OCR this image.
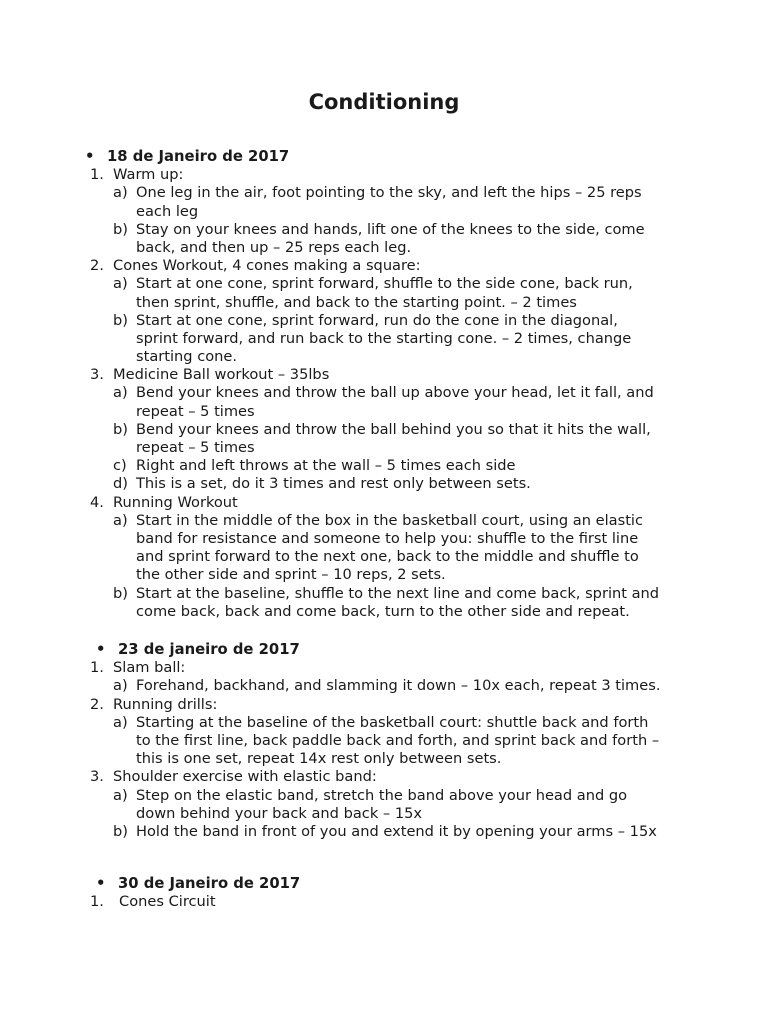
Conditioning
• 18 de Janeiro de 2017
1. Warm up:
a) One leg in the air, foot pointing to the sky, and left the hips – 25 reps
each leg
b) Stay on your knees and hands, lift one of the knees to the side, come
back, and then up – 25 reps each leg.
2. Cones Workout, 4 cones making a square:
a) Start at one cone, sprint forward, shuffle to the side cone, back run,
then sprint, shuffle, and back to the starting point. – 2 times
b) Start at one cone, sprint forward, run do the cone in the diagonal,
sprint forward, and run back to the starting cone. – 2 times, change
starting cone.
3. Medicine Ball workout – 35lbs
a) Bend your knees and throw the ball up above your head, let it fall, and
repeat – 5 times
b) Bend your knees and throw the ball behind you so that it hits the wall,
repeat – 5 times
c) Right and left throws at the wall – 5 times each side
d) This is a set, do it 3 times and rest only between sets.
4. Running Workout
a) Start in the middle of the box in the basketball court, using an elastic
band for resistance and someone to help you: shuffle to the first line
and sprint forward to the next one, back to the middle and shuffle to
the other side and sprint – 10 reps, 2 sets.
b) Start at the baseline, shuffle to the next line and come back, sprint and
come back, back and come back, turn to the other side and repeat.
• 23 de janeiro de 2017
1. Slam ball:
a) Forehand, backhand, and slamming it down – 10x each, repeat 3 times.
2. Running drills:
a) Starting at the baseline of the basketball court: shuttle back and forth
to the first line, back paddle back and forth, and sprint back and forth –
this is one set, repeat 14x rest only between sets.
3. Shoulder exercise with elastic band:
a) Step on the elastic band, stretch the band above your head and go
down behind your back and back – 15x
b) Hold the band in front of you and extend it by opening your arms – 15x
• 30 de Janeiro de 2017
1. Cones Circuit
